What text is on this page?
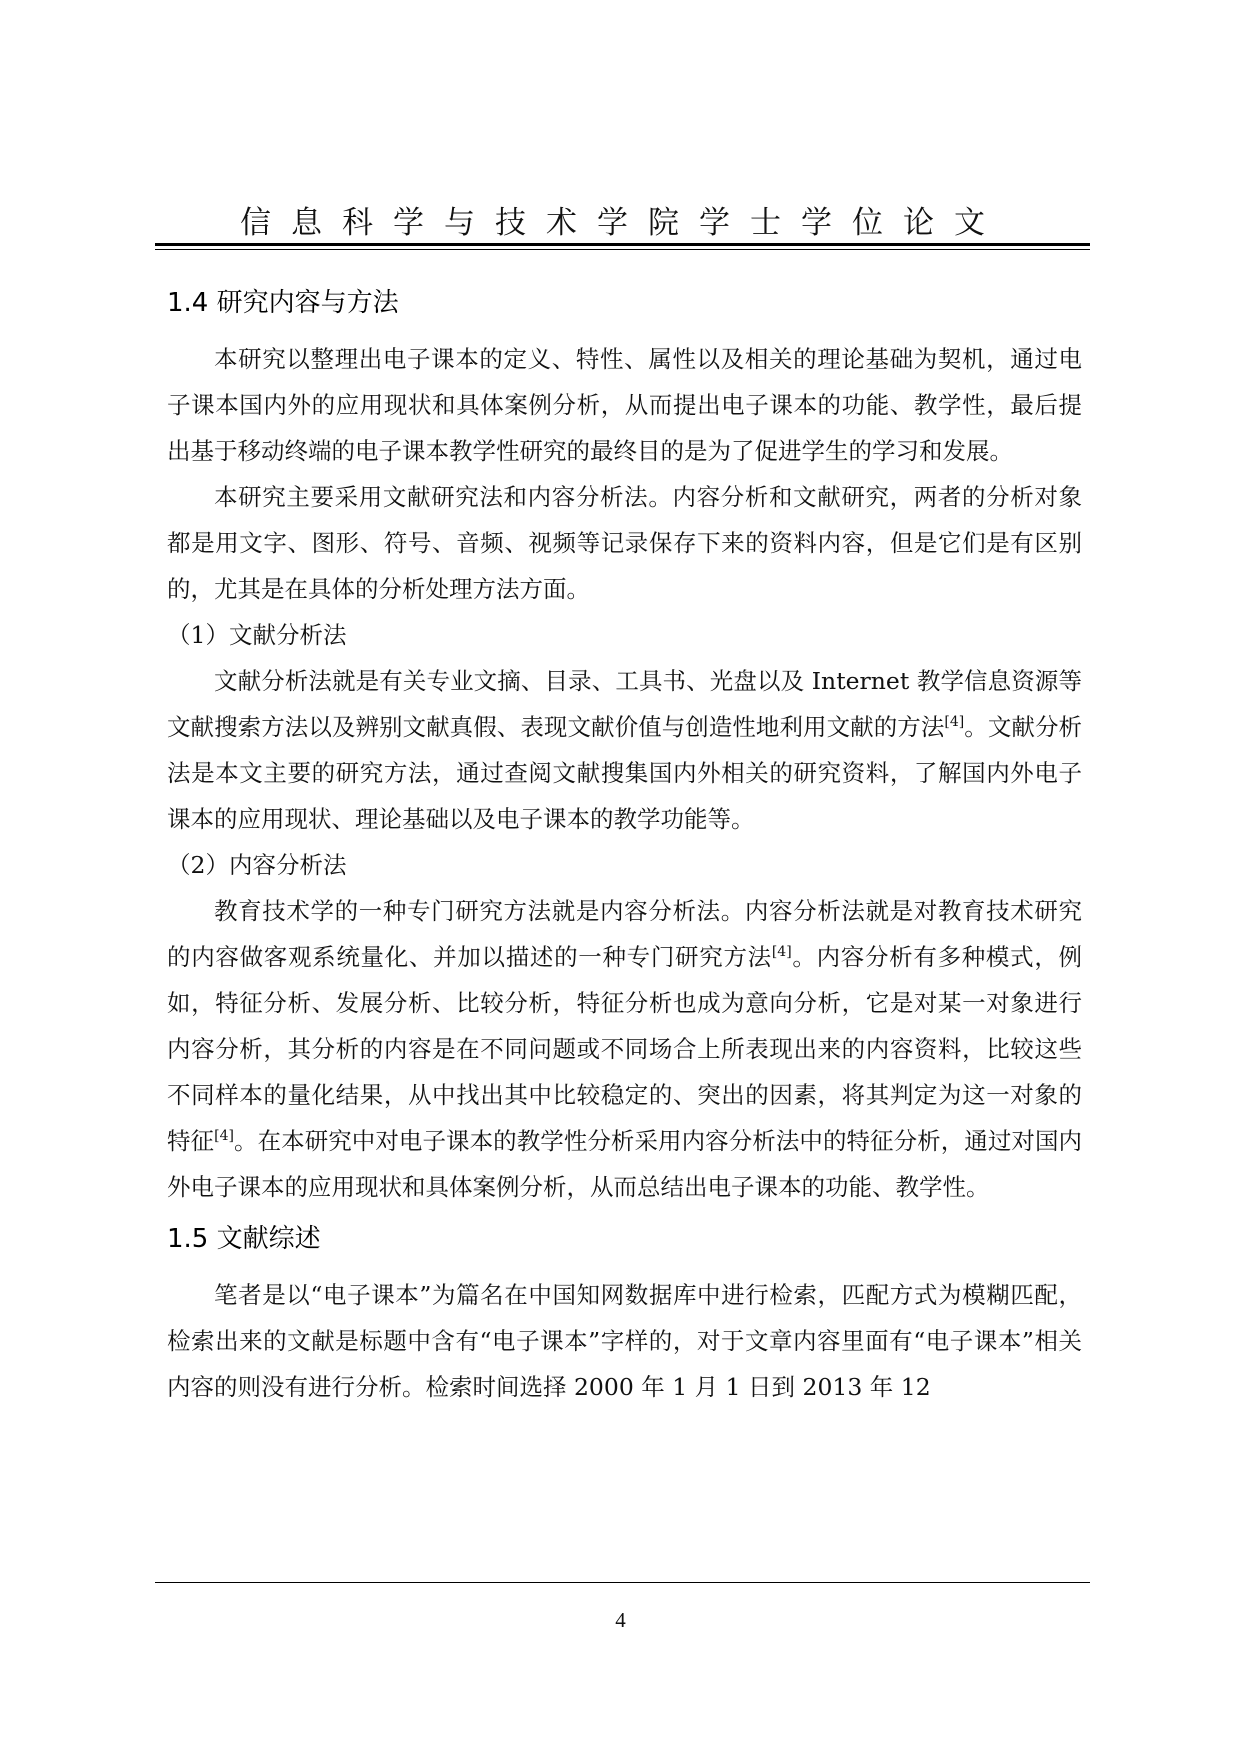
信息科学与技术学院学士学位论文
1.4 研究内容与方法

本研究以整理出电子课本的定义、特性、属性以及相关的理论基础为契机，通过电子课本国内外的应用现状和具体案例分析，从而提出电子课本的功能、教学性，最后提出基于移动终端的电子课本教学性研究的最终目的是为了促进学生的学习和发展。

本研究主要采用文献研究法和内容分析法。内容分析和文献研究，两者的分析对象都是用文字、图形、符号、音频、视频等记录保存下来的资料内容，但是它们是有区别的，尤其是在具体的分析处理方法方面。

（1）文献分析法

文献分析法就是有关专业文摘、目录、工具书、光盘以及 Internet 教学信息资源等文献搜索方法以及辨别文献真假、表现文献价值与创造性地利用文献的方法[4]。文献分析法是本文主要的研究方法，通过查阅文献搜集国内外相关的研究资料，了解国内外电子课本的应用现状、理论基础以及电子课本的教学功能等。

（2）内容分析法

教育技术学的一种专门研究方法就是内容分析法。内容分析法就是对教育技术研究的内容做客观系统量化、并加以描述的一种专门研究方法[4]。内容分析有多种模式，例如，特征分析、发展分析、比较分析，特征分析也成为意向分析，它是对某一对象进行内容分析，其分析的内容是在不同问题或不同场合上所表现出来的内容资料，比较这些不同样本的量化结果，从中找出其中比较稳定的、突出的因素，将其判定为这一对象的特征[4]。在本研究中对电子课本的教学性分析采用内容分析法中的特征分析，通过对国内外电子课本的应用现状和具体案例分析，从而总结出电子课本的功能、教学性。

1.5 文献综述

笔者是以“电子课本”为篇名在中国知网数据库中进行检索，匹配方式为模糊匹配，检索出来的文献是标题中含有“电子课本”字样的，对于文章内容里面有“电子课本”相关内容的则没有进行分析。检索时间选择 2000 年 1 月 1 日到 2013 年 12

4
